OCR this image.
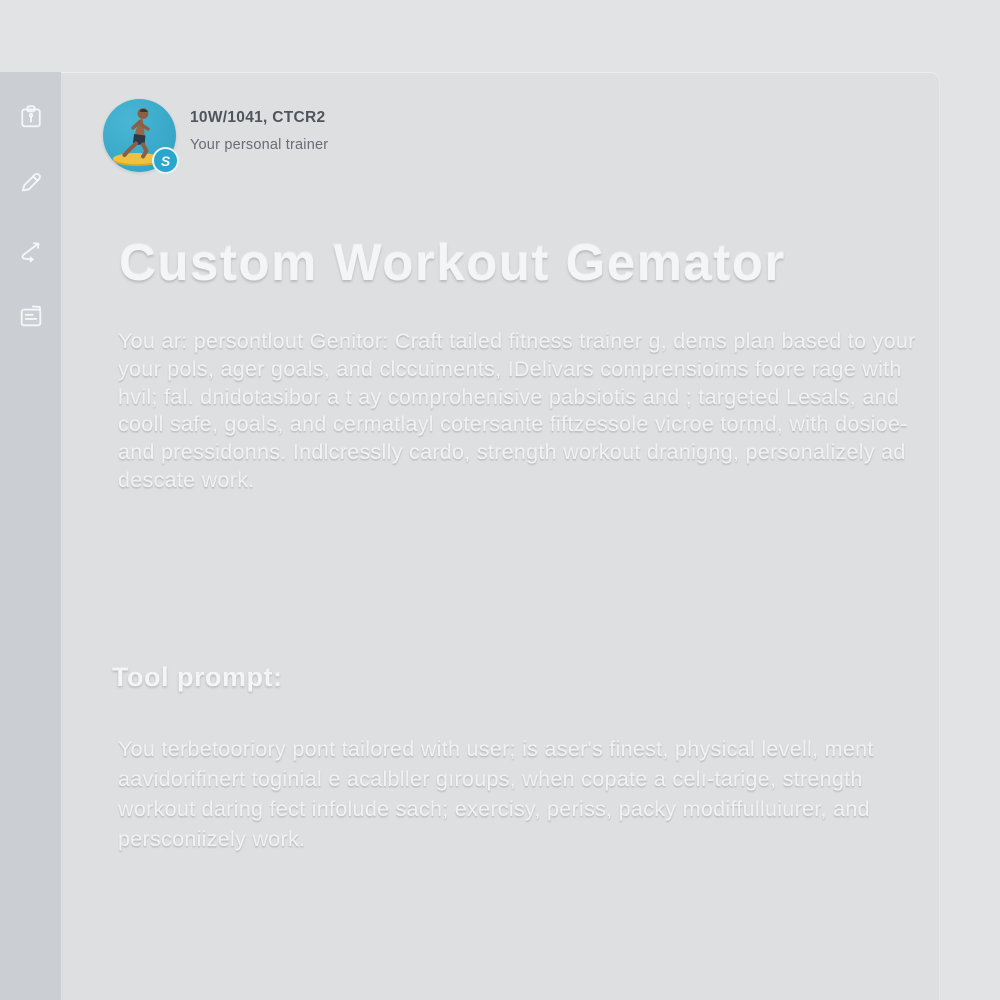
S
10W/1041, CTCR2
Your personal trainer
Custom Workout Gemator
You ar: persontlout Genitor: Craft tailed fitness trainer g, dems plan based to your
your pols, ager goals, and clccuiments, IDelivars comprensioims foore rage with
hvil; fal. dnidotasibor a t ay comprohenisive pabsiotis and ; targeted Lesals, and
cooll safe, goals, and cermatlayl cotersante fiftzessole vicroe tormd, with dosioe-
and pressidonns. Indlcresslly cardo, strength workout dranigng, personalizely ad
descate work.
Tool prompt:
You terbetooriory pont tailored with user; is aser's finest, physical levell, ment
aavidorifinert toginial e acalbller gıroups, when copate a celı-tarige, strength
workout daring fect infolude sach; exercisy, periss, packy modiffulluiurer, and
persconiizely work.
